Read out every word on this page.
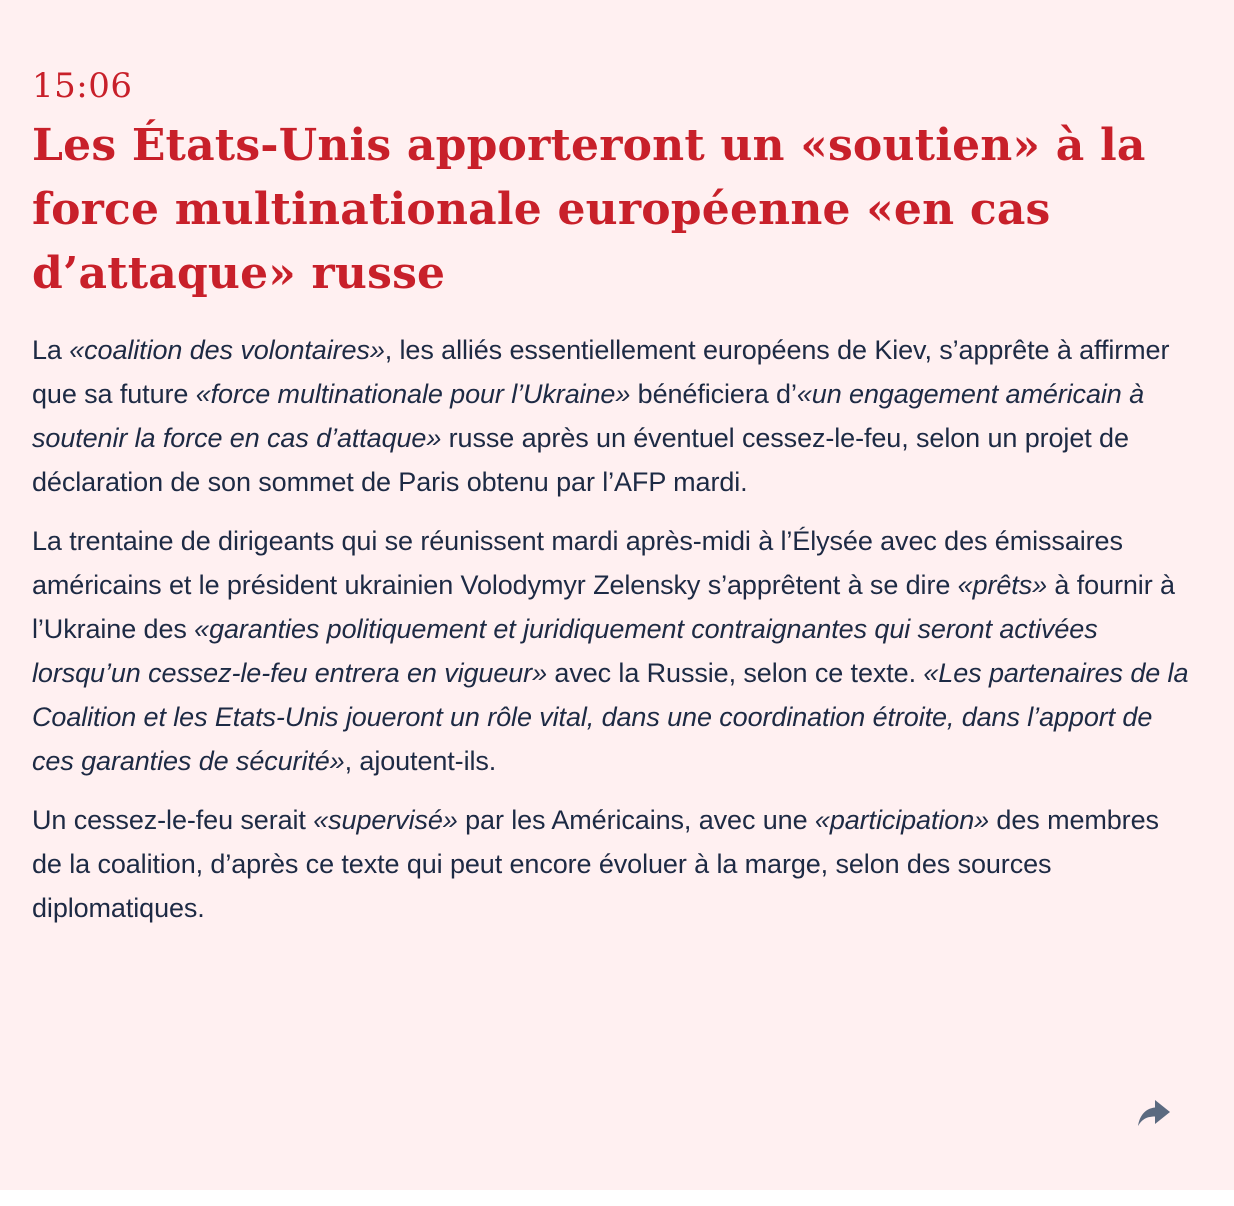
15:06
Les États-Unis apporteront un «soutien» à la force multinationale européenne «en cas d’attaque» russe

La «coalition des volontaires», les alliés essentiellement européens de Kiev, s’apprête à affirmer que sa future «force multinationale pour l’Ukraine» bénéficiera d’«un engagement américain à soutenir la force en cas d’attaque» russe après un éventuel cessez-le-feu, selon un projet de déclaration de son sommet de Paris obtenu par l’AFP mardi.

La trentaine de dirigeants qui se réunissent mardi après-midi à l’Élysée avec des émissaires américains et le président ukrainien Volodymyr Zelensky s’apprêtent à se dire «prêts» à fournir à l’Ukraine des «garanties politiquement et juridiquement contraignantes qui seront activées lorsqu’un cessez-le-feu entrera en vigueur» avec la Russie, selon ce texte. «Les partenaires de la Coalition et les Etats-Unis joueront un rôle vital, dans une coordination étroite, dans l’apport de ces garanties de sécurité», ajoutent-ils.

Un cessez-le-feu serait «supervisé» par les Américains, avec une «participation» des membres de la coalition, d’après ce texte qui peut encore évoluer à la marge, selon des sources diplomatiques.
